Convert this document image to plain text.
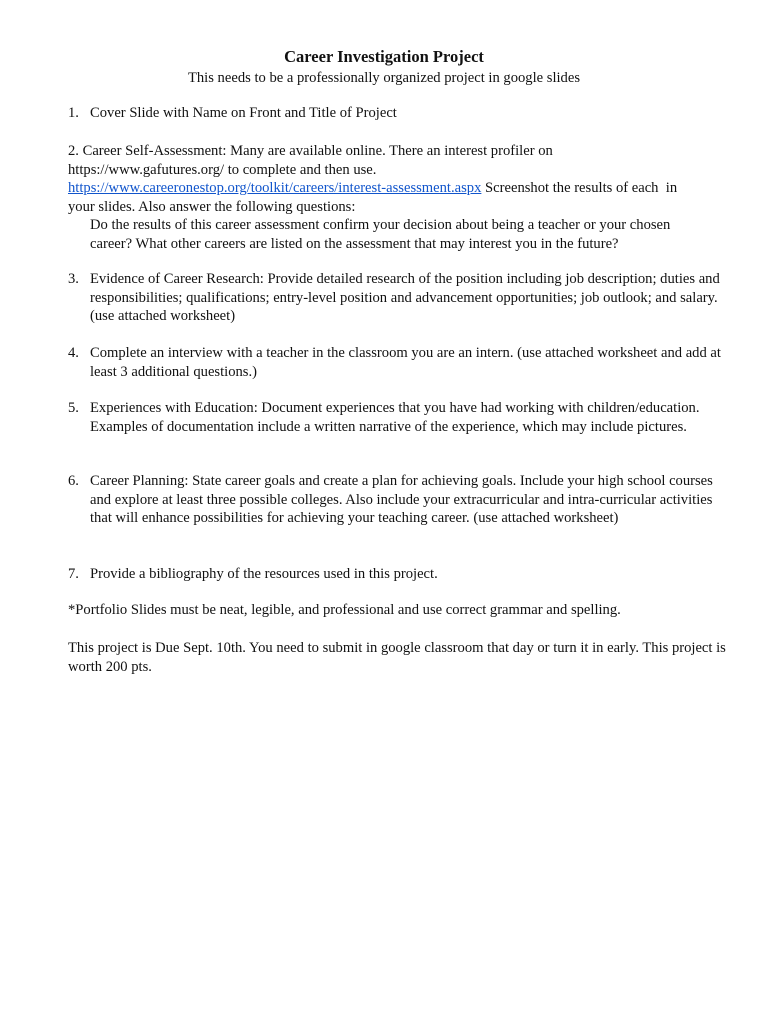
Career Investigation Project
This needs to be a professionally organized project in google slides
1. Cover Slide with Name on Front and Title of Project
2. Career Self-Assessment: Many are available online. There an interest profiler on
https://www.gafutures.org/ to complete and then use.
https://www.careeronestop.org/toolkit/careers/interest-assessment.aspx Screenshot the results of each  in
your slides. Also answer the following questions:
Do the results of this career assessment confirm your decision about being a teacher or your chosen
career? What other careers are listed on the assessment that may interest you in the future?
3. Evidence of Career Research: Provide detailed research of the position including job description; duties and responsibilities; qualifications; entry-level position and advancement opportunities; job outlook; and salary. (use attached worksheet)
4. Complete an interview with a teacher in the classroom you are an intern. (use attached worksheet and add at least 3 additional questions.)
5. Experiences with Education: Document experiences that you have had working with children/education. Examples of documentation include a written narrative of the experience, which may include pictures.
6. Career Planning: State career goals and create a plan for achieving goals. Include your high school courses and explore at least three possible colleges. Also include your extracurricular and intra-curricular activities that will enhance possibilities for achieving your teaching career. (use attached worksheet)
7. Provide a bibliography of the resources used in this project.
*Portfolio Slides must be neat, legible, and professional and use correct grammar and spelling.
This project is Due Sept. 10th. You need to submit in google classroom that day or turn it in early. This project is worth 200 pts.
